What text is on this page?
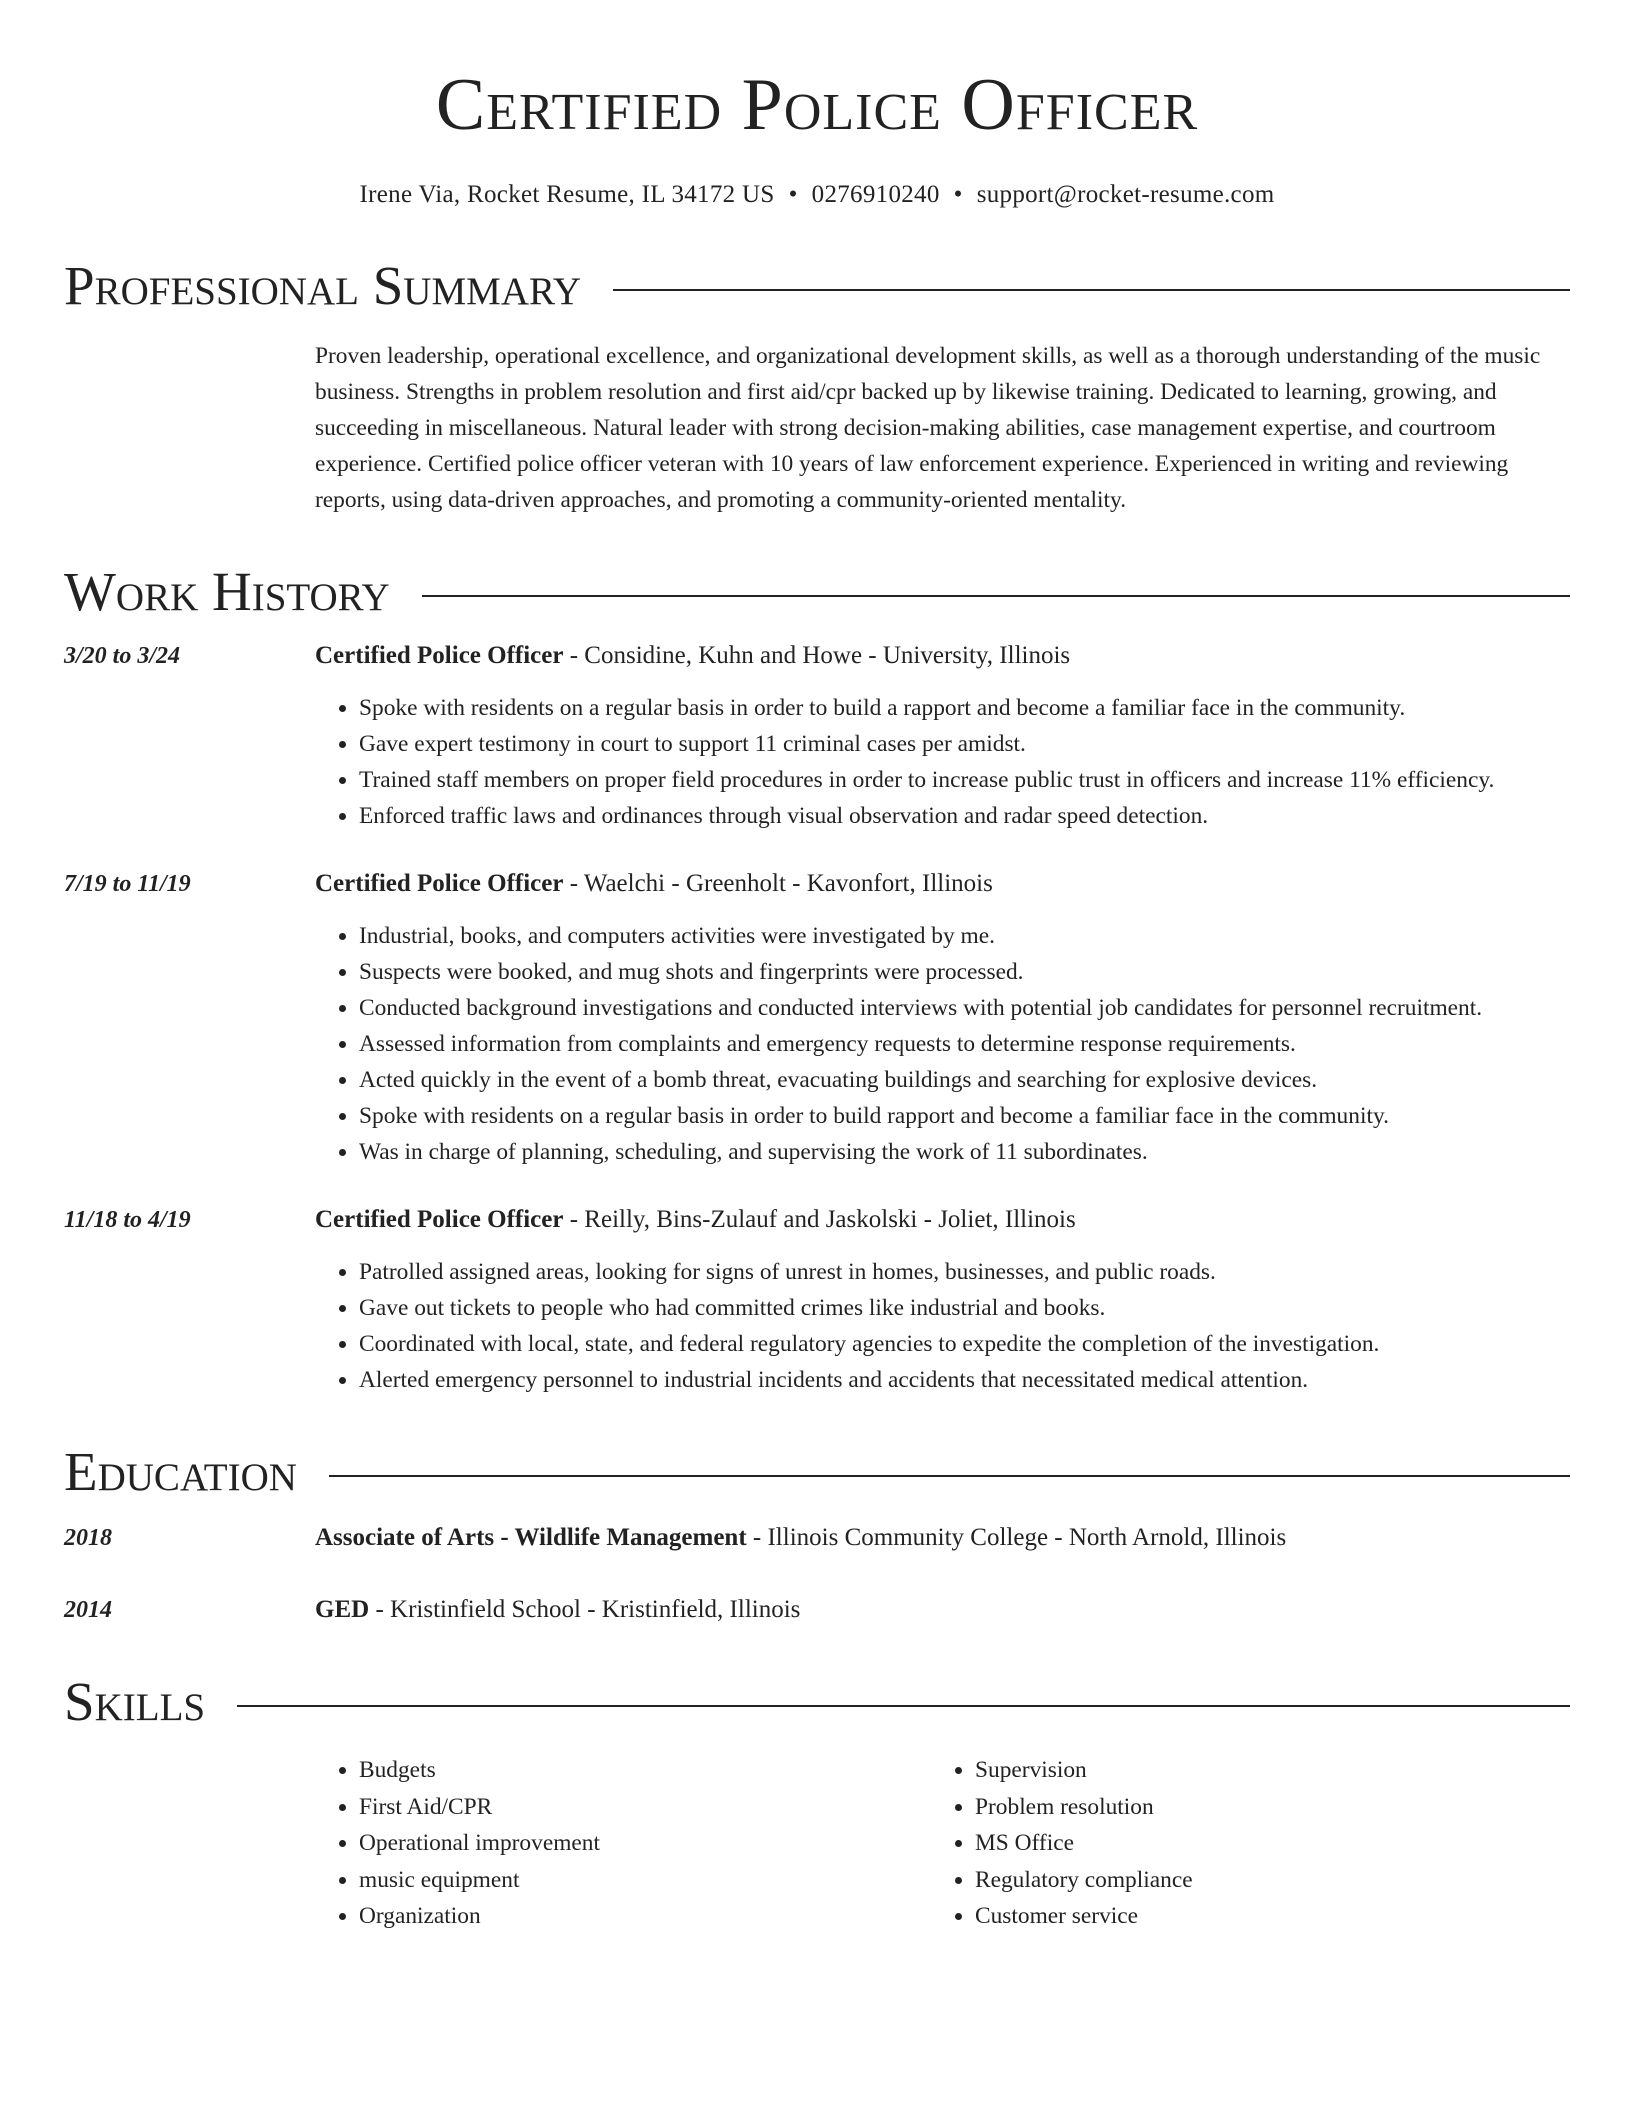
Certified Police Officer
Irene Via, Rocket Resume, IL 34172 US • 0276910240 • support@rocket-resume.com
Professional Summary
Proven leadership, operational excellence, and organizational development skills, as well as a thorough understanding of the music business. Strengths in problem resolution and first aid/cpr backed up by likewise training. Dedicated to learning, growing, and succeeding in miscellaneous. Natural leader with strong decision-making abilities, case management expertise, and courtroom experience. Certified police officer veteran with 10 years of law enforcement experience. Experienced in writing and reviewing reports, using data-driven approaches, and promoting a community-oriented mentality.
Work History
3/20 to 3/24	Certified Police Officer - Considine, Kuhn and Howe - University, Illinois
• Spoke with residents on a regular basis in order to build a rapport and become a familiar face in the community.
• Gave expert testimony in court to support 11 criminal cases per amidst.
• Trained staff members on proper field procedures in order to increase public trust in officers and increase 11% efficiency.
• Enforced traffic laws and ordinances through visual observation and radar speed detection.
7/19 to 11/19	Certified Police Officer - Waelchi - Greenholt - Kavonfort, Illinois
• Industrial, books, and computers activities were investigated by me.
• Suspects were booked, and mug shots and fingerprints were processed.
• Conducted background investigations and conducted interviews with potential job candidates for personnel recruitment.
• Assessed information from complaints and emergency requests to determine response requirements.
• Acted quickly in the event of a bomb threat, evacuating buildings and searching for explosive devices.
• Spoke with residents on a regular basis in order to build rapport and become a familiar face in the community.
• Was in charge of planning, scheduling, and supervising the work of 11 subordinates.
11/18 to 4/19	Certified Police Officer - Reilly, Bins-Zulauf and Jaskolski - Joliet, Illinois
• Patrolled assigned areas, looking for signs of unrest in homes, businesses, and public roads.
• Gave out tickets to people who had committed crimes like industrial and books.
• Coordinated with local, state, and federal regulatory agencies to expedite the completion of the investigation.
• Alerted emergency personnel to industrial incidents and accidents that necessitated medical attention.
Education
2018	Associate of Arts - Wildlife Management - Illinois Community College - North Arnold, Illinois
2014	GED - Kristinfield School - Kristinfield, Illinois
Skills
• Budgets
• First Aid/CPR
• Operational improvement
• music equipment
• Organization
• Supervision
• Problem resolution
• MS Office
• Regulatory compliance
• Customer service
